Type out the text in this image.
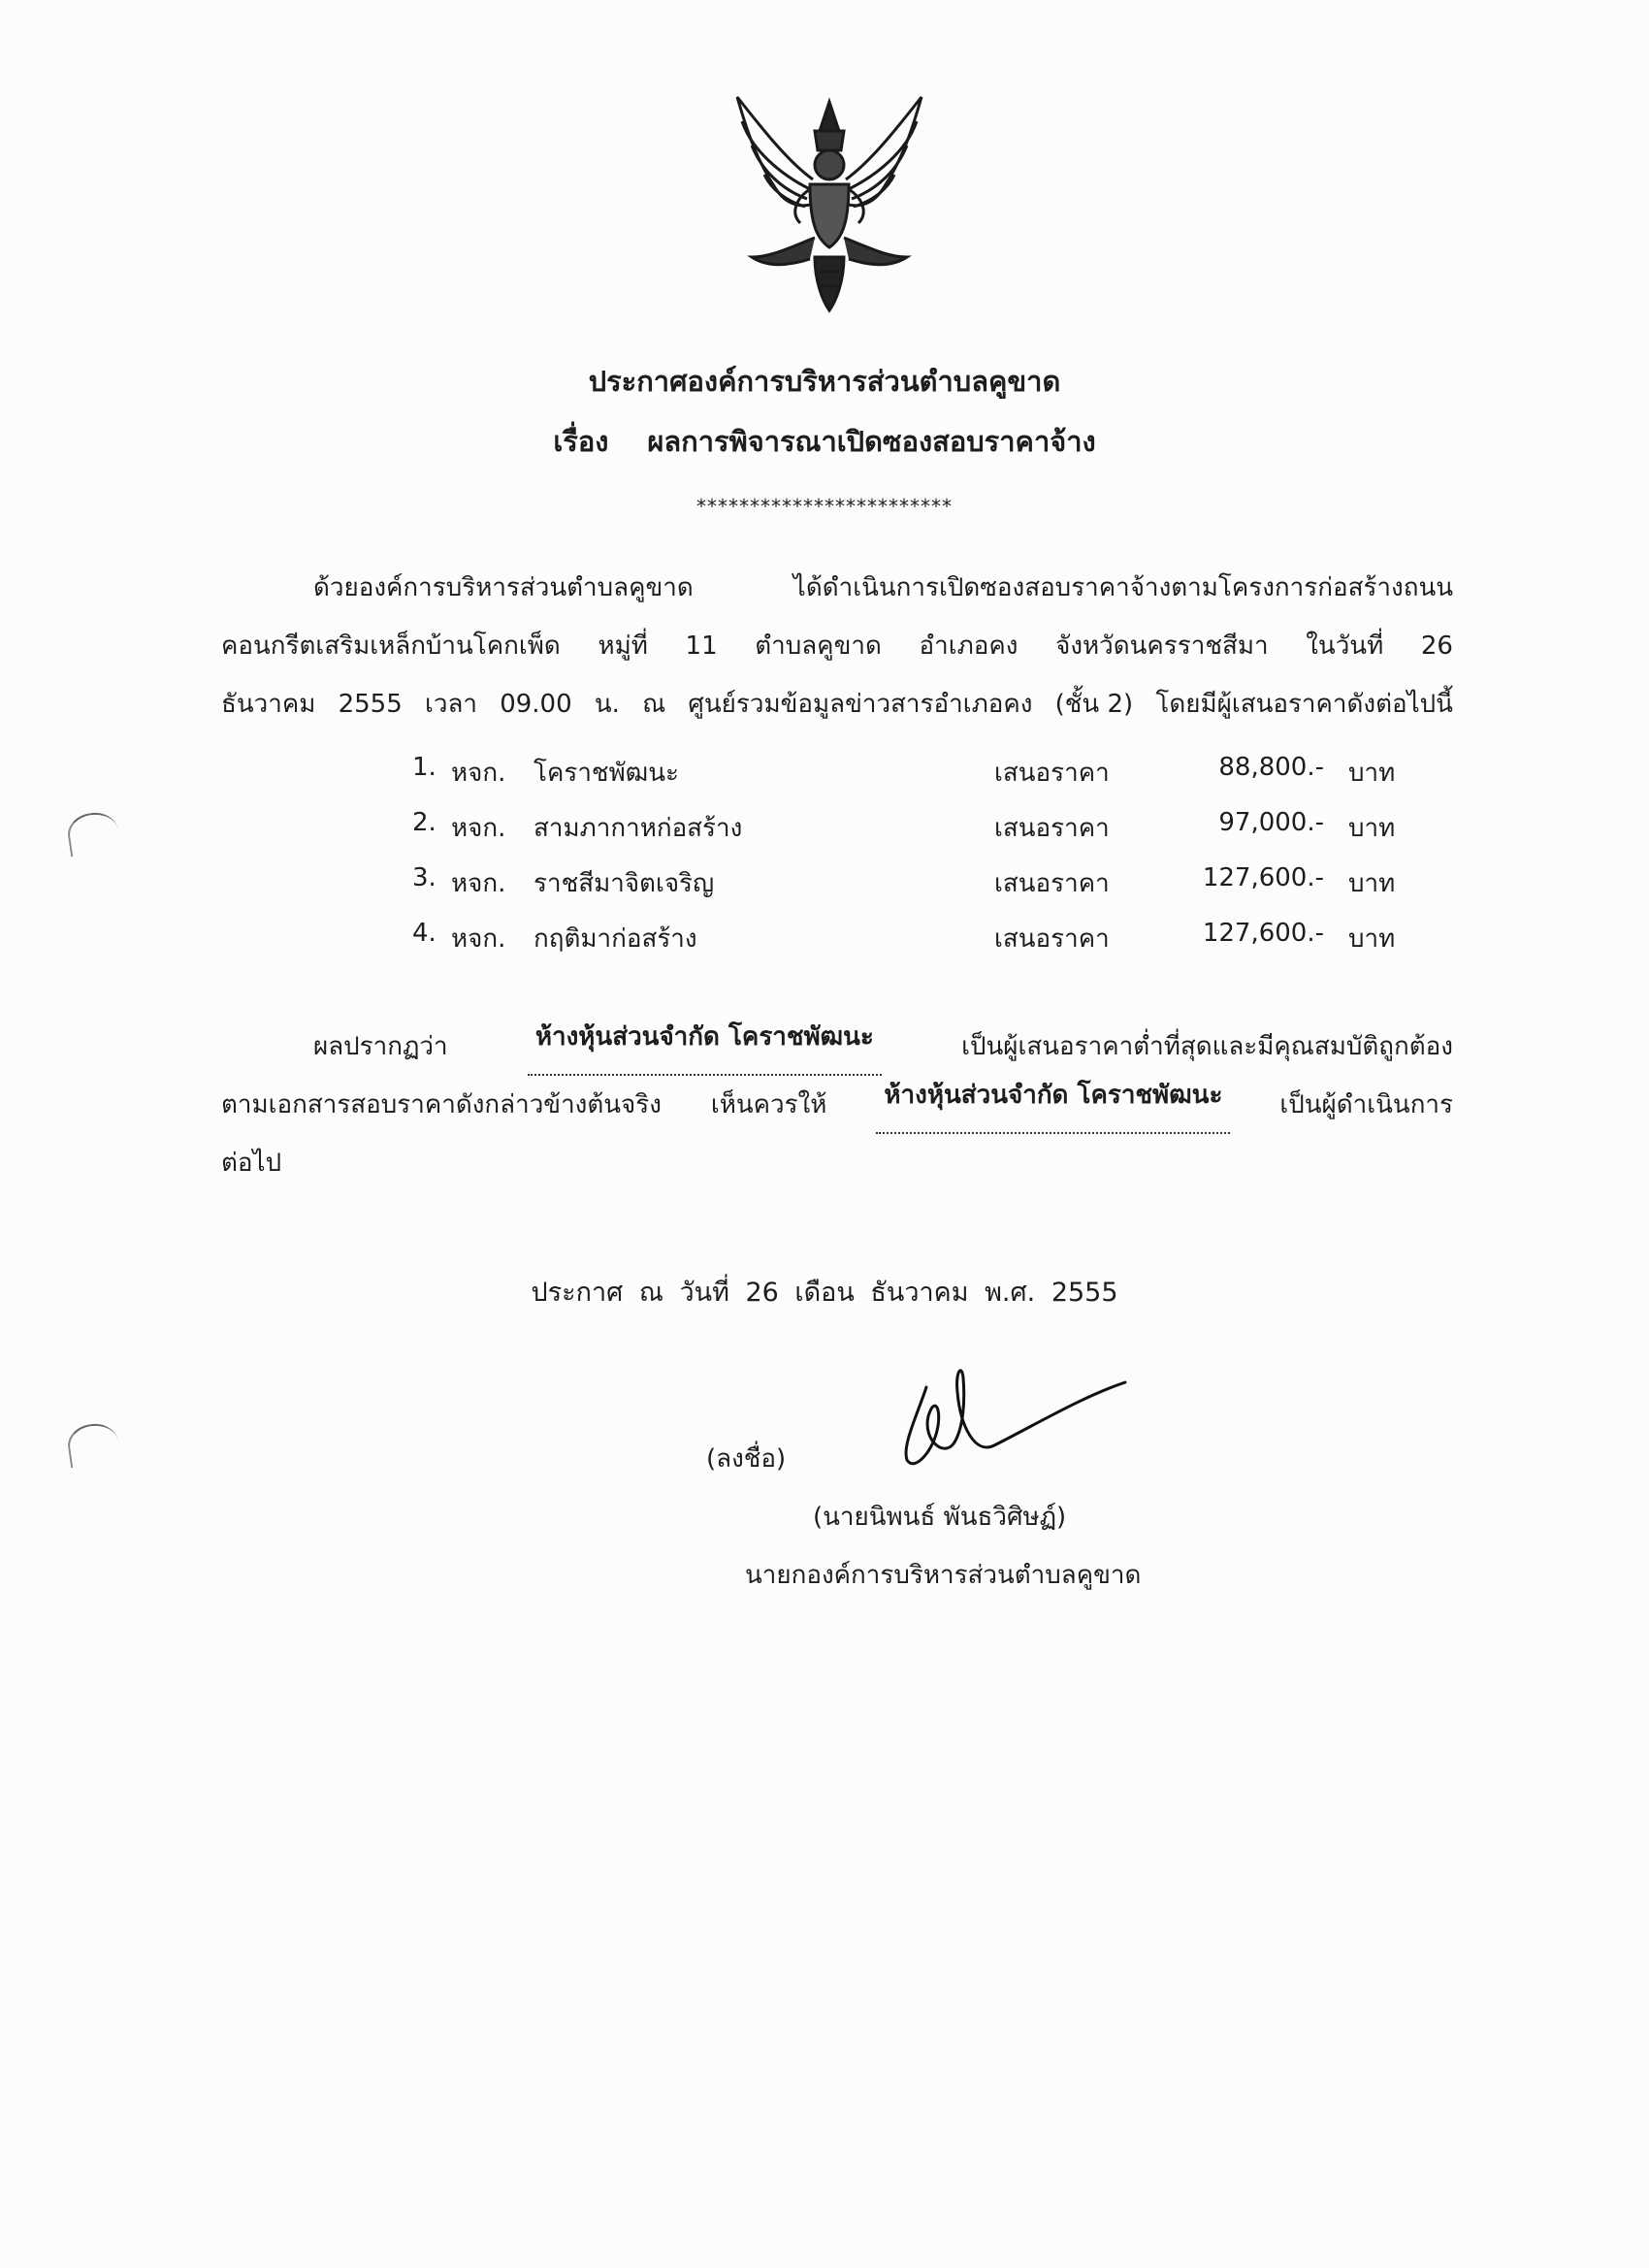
ประกาศองค์การบริหารส่วนตำบลคูขาด
เรื่อง ผลการพิจารณาเปิดซองสอบราคาจ้าง
************************
ด้วยองค์การบริหารส่วนตำบลคูขาด	ได้ดำเนินการเปิดซองสอบราคาจ้างตามโครงการก่อสร้างถนน
คอนกรีตเสริมเหล็กบ้านโคกเพ็ด หมู่ที่ 11 ตำบลคูขาด อำเภอคง จังหวัดนครราชสีมา ในวันที่ 26
ธันวาคม 2555 เวลา 09.00 น. ณ ศูนย์รวมข้อมูลข่าวสารอำเภอคง (ชั้น 2) โดยมีผู้เสนอราคาดังต่อไปนี้
1. หจก. โคราชพัฒนะ	เสนอราคา	88,800.- บาท
2. หจก. สามภากาหก่อสร้าง	เสนอราคา	97,000.- บาท
3. หจก. ราชสีมาจิตเจริญ	เสนอราคา	127,600.- บาท
4. หจก. กฤติมาก่อสร้าง	เสนอราคา	127,600.- บาท
ผลปรากฏว่า	ห้างหุ้นส่วนจำกัด โคราชพัฒนะ	เป็นผู้เสนอราคาต่ำที่สุดและมีคุณสมบัติถูกต้อง
ตามเอกสารสอบราคาดังกล่าวข้างต้นจริง เห็นควรให้	ห้างหุ้นส่วนจำกัด โคราชพัฒนะ	เป็นผู้ดำเนินการ
ต่อไป
ประกาศ ณ วันที่ 26 เดือน ธันวาคม พ.ศ. 2555
(ลงชื่อ)
(นายนิพนธ์ พันธวิศิษฏ์)
นายกองค์การบริหารส่วนตำบลคูขาด
